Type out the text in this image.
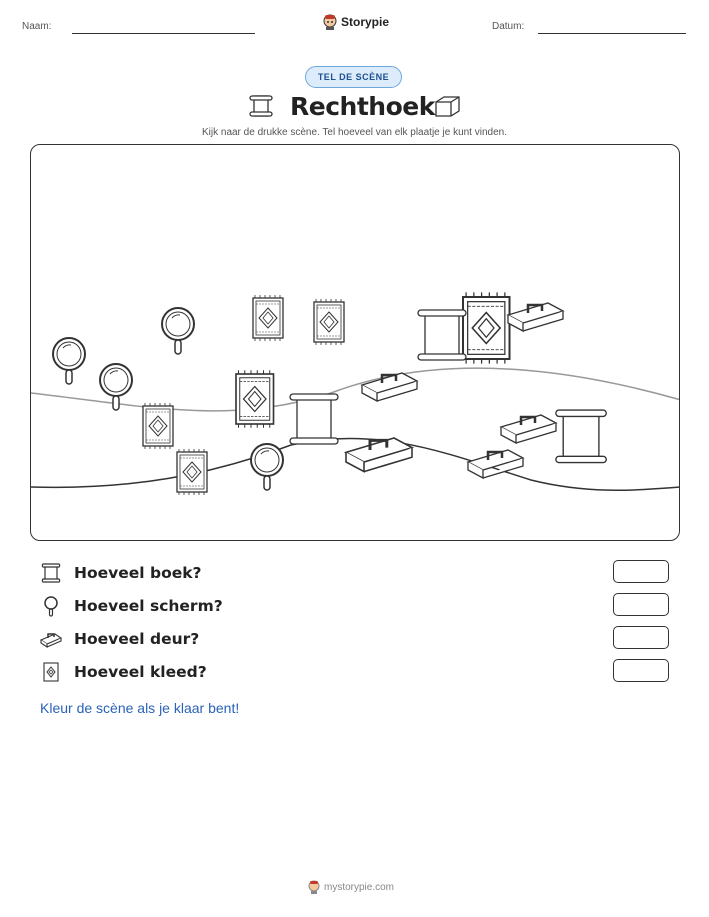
Naam:	Storypie	Datum:
TEL DE SCÈNE
Rechthoek
Kijk naar de drukke scène. Tel hoeveel van elk plaatje je kunt vinden.
Hoeveel boek?
Hoeveel scherm?
Hoeveel deur?
Hoeveel kleed?
Kleur de scène als je klaar bent!
mystorypie.com
